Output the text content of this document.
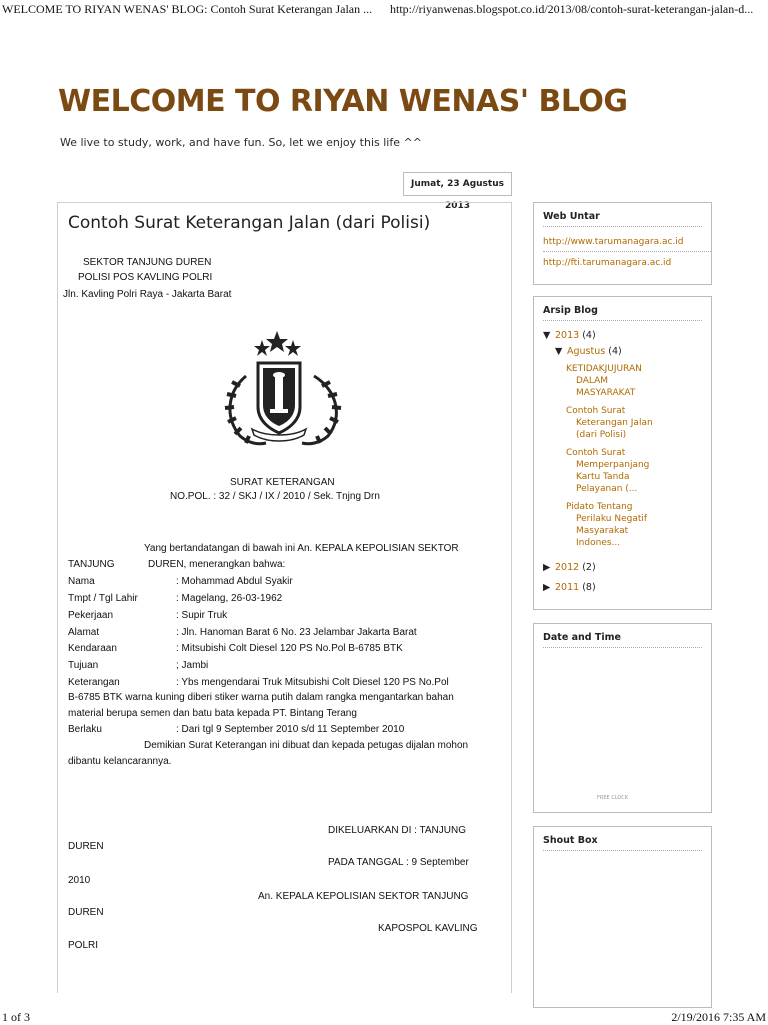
WELCOME TO RIYAN WENAS' BLOG: Contoh Surat Keterangan Jalan ... http://riyanwenas.blogspot.co.id/2013/08/contoh-surat-keterangan-jalan-d...
WELCOME TO RIYAN WENAS' BLOG
We live to study, work, and have fun. So, let we enjoy this life ^^
Jumat, 23 Agustus 2013
Contoh Surat Keterangan Jalan (dari Polisi)
SEKTOR TANJUNG DUREN
POLISI POS KAVLING POLRI
Jln. Kavling Polri Raya - Jakarta Barat
SURAT KETERANGAN
NO.POL. : 32 / SKJ / IX / 2010 / Sek. Tnjng Drn
Yang bertandatangan di bawah ini An. KEPALA KEPOLISIAN SEKTOR
TANJUNG	DUREN, menerangkan bahwa:
Nama	: Mohammad Abdul Syakir
Tmpt / Tgl Lahir	: Magelang, 26-03-1962
Pekerjaan	: Supir Truk
Alamat	: Jln. Hanoman Barat 6 No. 23 Jelambar Jakarta Barat
Kendaraan	: Mitsubishi Colt Diesel 120 PS No.Pol B-6785 BTK
Tujuan	; Jambi
Keterangan	: Ybs mengendarai Truk Mitsubishi Colt Diesel 120 PS No.Pol
B-6785 BTK warna kuning diberi stiker warna putih dalam rangka mengantarkan bahan
material berupa semen dan batu bata kepada PT. Bintang Terang
Berlaku	: Dari tgl 9 September 2010 s/d 11 September 2010
Demikian Surat Keterangan ini dibuat dan kepada petugas dijalan mohon
dibantu kelancarannya.
DIKELUARKAN DI : TANJUNG
DUREN
PADA TANGGAL : 9 September
2010
An. KEPALA KEPOLISIAN SEKTOR TANJUNG
DUREN
KAPOSPOL KAVLING
POLRI
Web Untar
http://www.tarumanagara.ac.id
http://fti.tarumanagara.ac.id
Arsip Blog
▼ 2013 (4)
▼ Agustus (4)
KETIDAKJUJURAN
DALAM
MASYARAKAT
Contoh Surat
Keterangan Jalan
(dari Polisi)
Contoh Surat
Memperpanjang
Kartu Tanda
Pelayanan (...
Pidato Tentang
Perilaku Negatif
Masyarakat
Indones...
▶ 2012 (2)
▶ 2011 (8)
Date and Time
FREE CLOCK
Shout Box
1 of 3	2/19/2016 7:35 AM
